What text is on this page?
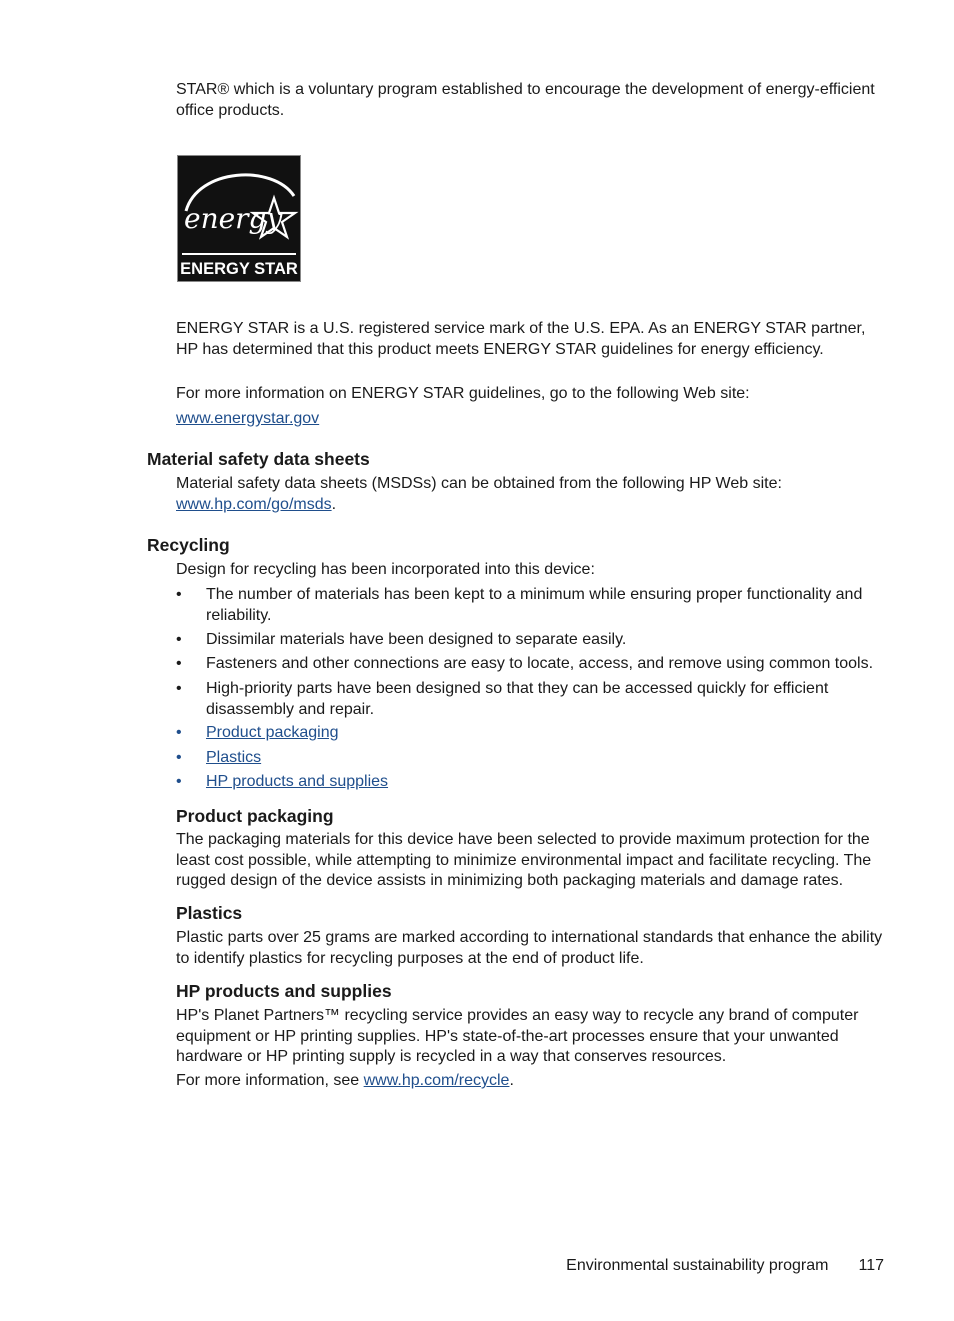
STAR® which is a voluntary program established to encourage the development of energy-efficient office products.

energy
ENERGY STAR

ENERGY STAR is a U.S. registered service mark of the U.S. EPA. As an ENERGY STAR partner, HP has determined that this product meets ENERGY STAR guidelines for energy efficiency.

For more information on ENERGY STAR guidelines, go to the following Web site:

www.energystar.gov

Material safety data sheets

Material safety data sheets (MSDSs) can be obtained from the following HP Web site:
www.hp.com/go/msds.

Recycling

Design for recycling has been incorporated into this device:

•	The number of materials has been kept to a minimum while ensuring proper functionality and reliability.
•	Dissimilar materials have been designed to separate easily.
•	Fasteners and other connections are easy to locate, access, and remove using common tools.
•	High-priority parts have been designed so that they can be accessed quickly for efficient disassembly and repair.
•	Product packaging
•	Plastics
•	HP products and supplies
Product packaging

The packaging materials for this device have been selected to provide maximum protection for the least cost possible, while attempting to minimize environmental impact and facilitate recycling. The rugged design of the device assists in minimizing both packaging materials and damage rates.

Plastics

Plastic parts over 25 grams are marked according to international standards that enhance the ability to identify plastics for recycling purposes at the end of product life.

HP products and supplies

HP's Planet Partners™ recycling service provides an easy way to recycle any brand of computer equipment or HP printing supplies. HP's state-of-the-art processes ensure that your unwanted hardware or HP printing supply is recycled in a way that conserves resources.

For more information, see www.hp.com/recycle.

Environmental sustainability program 117
